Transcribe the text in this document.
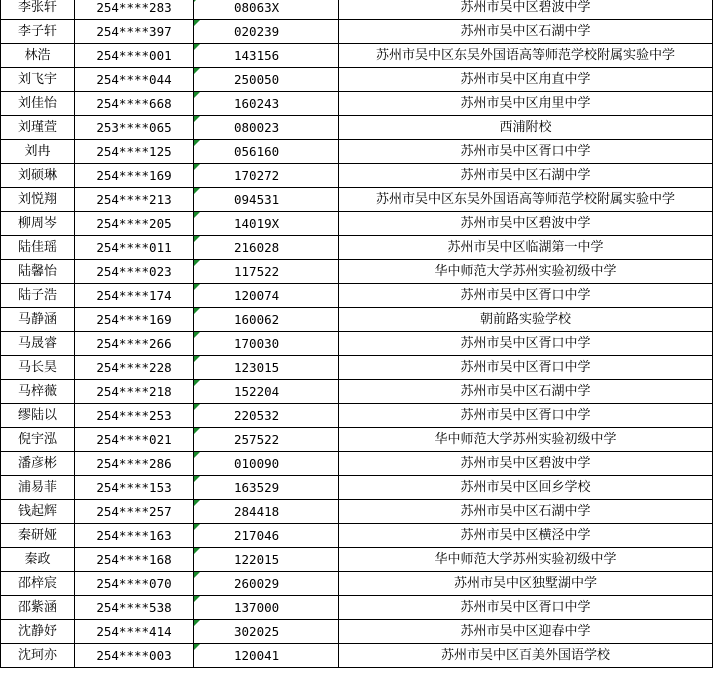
李张轩	254****283	08063X	苏州市吴中区碧波中学
李子轩	254****397	020239	苏州市吴中区石湖中学
林浩	254****001	143156	苏州市吴中区东吴外国语高等师范学校附属实验中学
刘飞宇	254****044	250050	苏州市吴中区甪直中学
刘佳怡	254****668	160243	苏州市吴中区甪里中学
刘瑾萱	253****065	080023	西浦附校
刘冉	254****125	056160	苏州市吴中区胥口中学
刘硕琳	254****169	170272	苏州市吴中区石湖中学
刘悦翔	254****213	094531	苏州市吴中区东吴外国语高等师范学校附属实验中学
柳周岑	254****205	14019X	苏州市吴中区碧波中学
陆佳瑶	254****011	216028	苏州市吴中区临湖第一中学
陆馨怡	254****023	117522	华中师范大学苏州实验初级中学
陆子浩	254****174	120074	苏州市吴中区胥口中学
马静涵	254****169	160062	朝前路实验学校
马晟睿	254****266	170030	苏州市吴中区胥口中学
马长昊	254****228	123015	苏州市吴中区胥口中学
马梓薇	254****218	152204	苏州市吴中区石湖中学
缪陆以	254****253	220532	苏州市吴中区胥口中学
倪宇泓	254****021	257522	华中师范大学苏州实验初级中学
潘彦彬	254****286	010090	苏州市吴中区碧波中学
浦易菲	254****153	163529	苏州市吴中区回乡学校
钱起辉	254****257	284418	苏州市吴中区石湖中学
秦研娅	254****163	217046	苏州市吴中区横泾中学
秦政	254****168	122015	华中师范大学苏州实验初级中学
邵梓宸	254****070	260029	苏州市吴中区独墅湖中学
邵紫涵	254****538	137000	苏州市吴中区胥口中学
沈静妤	254****414	302025	苏州市吴中区迎春中学
沈珂亦	254****003	120041	苏州市吴中区百美外国语学校
